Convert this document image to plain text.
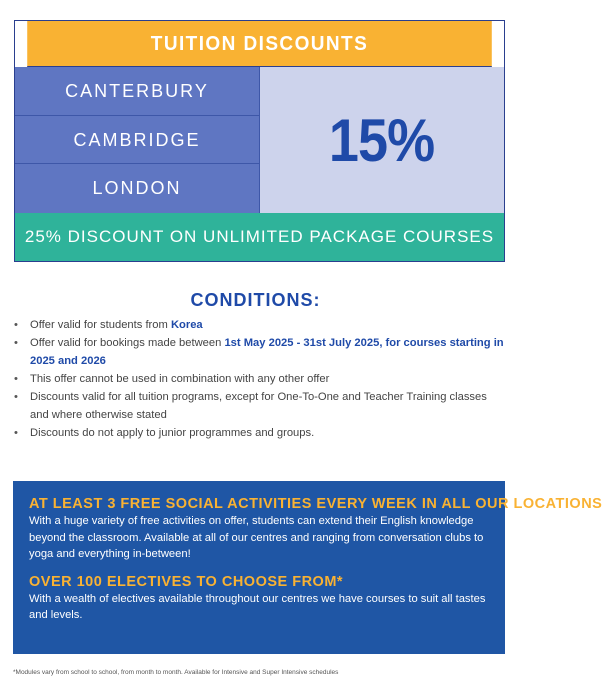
TUITION DISCOUNTS
CANTERBURY
CAMBRIDGE
LONDON
15%
25% DISCOUNT ON UNLIMITED PACKAGE COURSES
CONDITIONS:
• Offer valid for students from Korea
• Offer valid for bookings made between 1st May 2025 - 31st July 2025, for courses starting in 2025 and 2026
• This offer cannot be used in combination with any other offer
• Discounts valid for all tuition programs, except for One-To-One and Teacher Training classes and where otherwise stated
• Discounts do not apply to junior programmes and groups.

AT LEAST 3 FREE SOCIAL ACTIVITIES EVERY WEEK IN ALL OUR LOCATIONS

With a huge variety of free activities on offer, students can extend their English knowledge beyond the classroom. Available at all of our centres and ranging from conversation clubs to yoga and everything in-between!

OVER 100 ELECTIVES TO CHOOSE FROM*

With a wealth of electives available throughout our centres we have courses to suit all tastes and levels.

*Modules vary from school to school, from month to month. Available for Intensive and Super Intensive schedules
